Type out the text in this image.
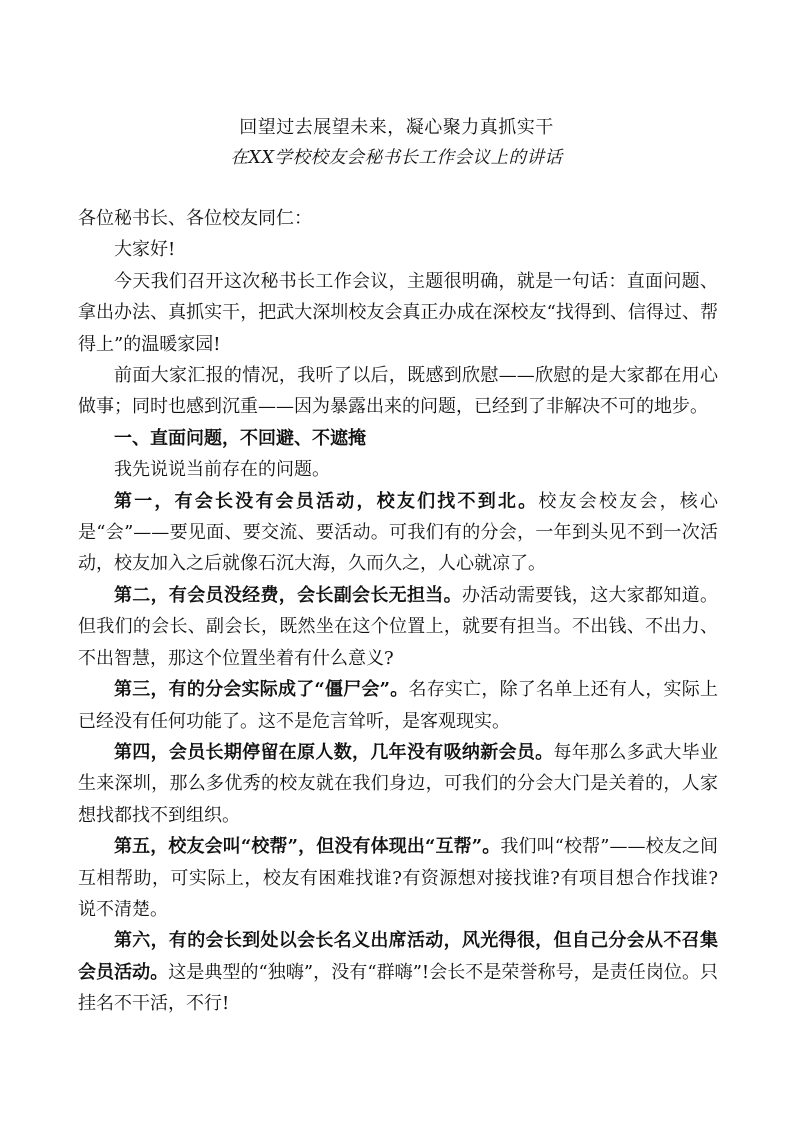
回望过去展望未来，凝心聚力真抓实干
在XX学校校友会秘书长工作会议上的讲话

各位秘书长、各位校友同仁：

大家好!

今天我们召开这次秘书长工作会议，主题很明确，就是一句话：直面问题、拿出办法、真抓实干，把武大深圳校友会真正办成在深校友“找得到、信得过、帮得上”的温暖家园!

前面大家汇报的情况，我听了以后，既感到欣慰——欣慰的是大家都在用心做事；同时也感到沉重——因为暴露出来的问题，已经到了非解决不可的地步。

一、直面问题，不回避、不遮掩

我先说说当前存在的问题。

第一，有会长没有会员活动，校友们找不到北。校友会校友会，核心是“会”——要见面、要交流、要活动。可我们有的分会，一年到头见不到一次活动，校友加入之后就像石沉大海，久而久之，人心就凉了。

第二，有会员没经费，会长副会长无担当。办活动需要钱，这大家都知道。但我们的会长、副会长，既然坐在这个位置上，就要有担当。不出钱、不出力、不出智慧，那这个位置坐着有什么意义?

第三，有的分会实际成了“僵尸会”。名存实亡，除了名单上还有人，实际上已经没有任何功能了。这不是危言耸听，是客观现实。

第四，会员长期停留在原人数，几年没有吸纳新会员。每年那么多武大毕业生来深圳，那么多优秀的校友就在我们身边，可我们的分会大门是关着的，人家想找都找不到组织。

第五，校友会叫“校帮”，但没有体现出“互帮”。我们叫“校帮”——校友之间互相帮助，可实际上，校友有困难找谁?有资源想对接找谁?有项目想合作找谁?说不清楚。

第六，有的会长到处以会长名义出席活动，风光得很，但自己分会从不召集会员活动。这是典型的“独嗨”，没有“群嗨”!会长不是荣誉称号，是责任岗位。只挂名不干活，不行!
